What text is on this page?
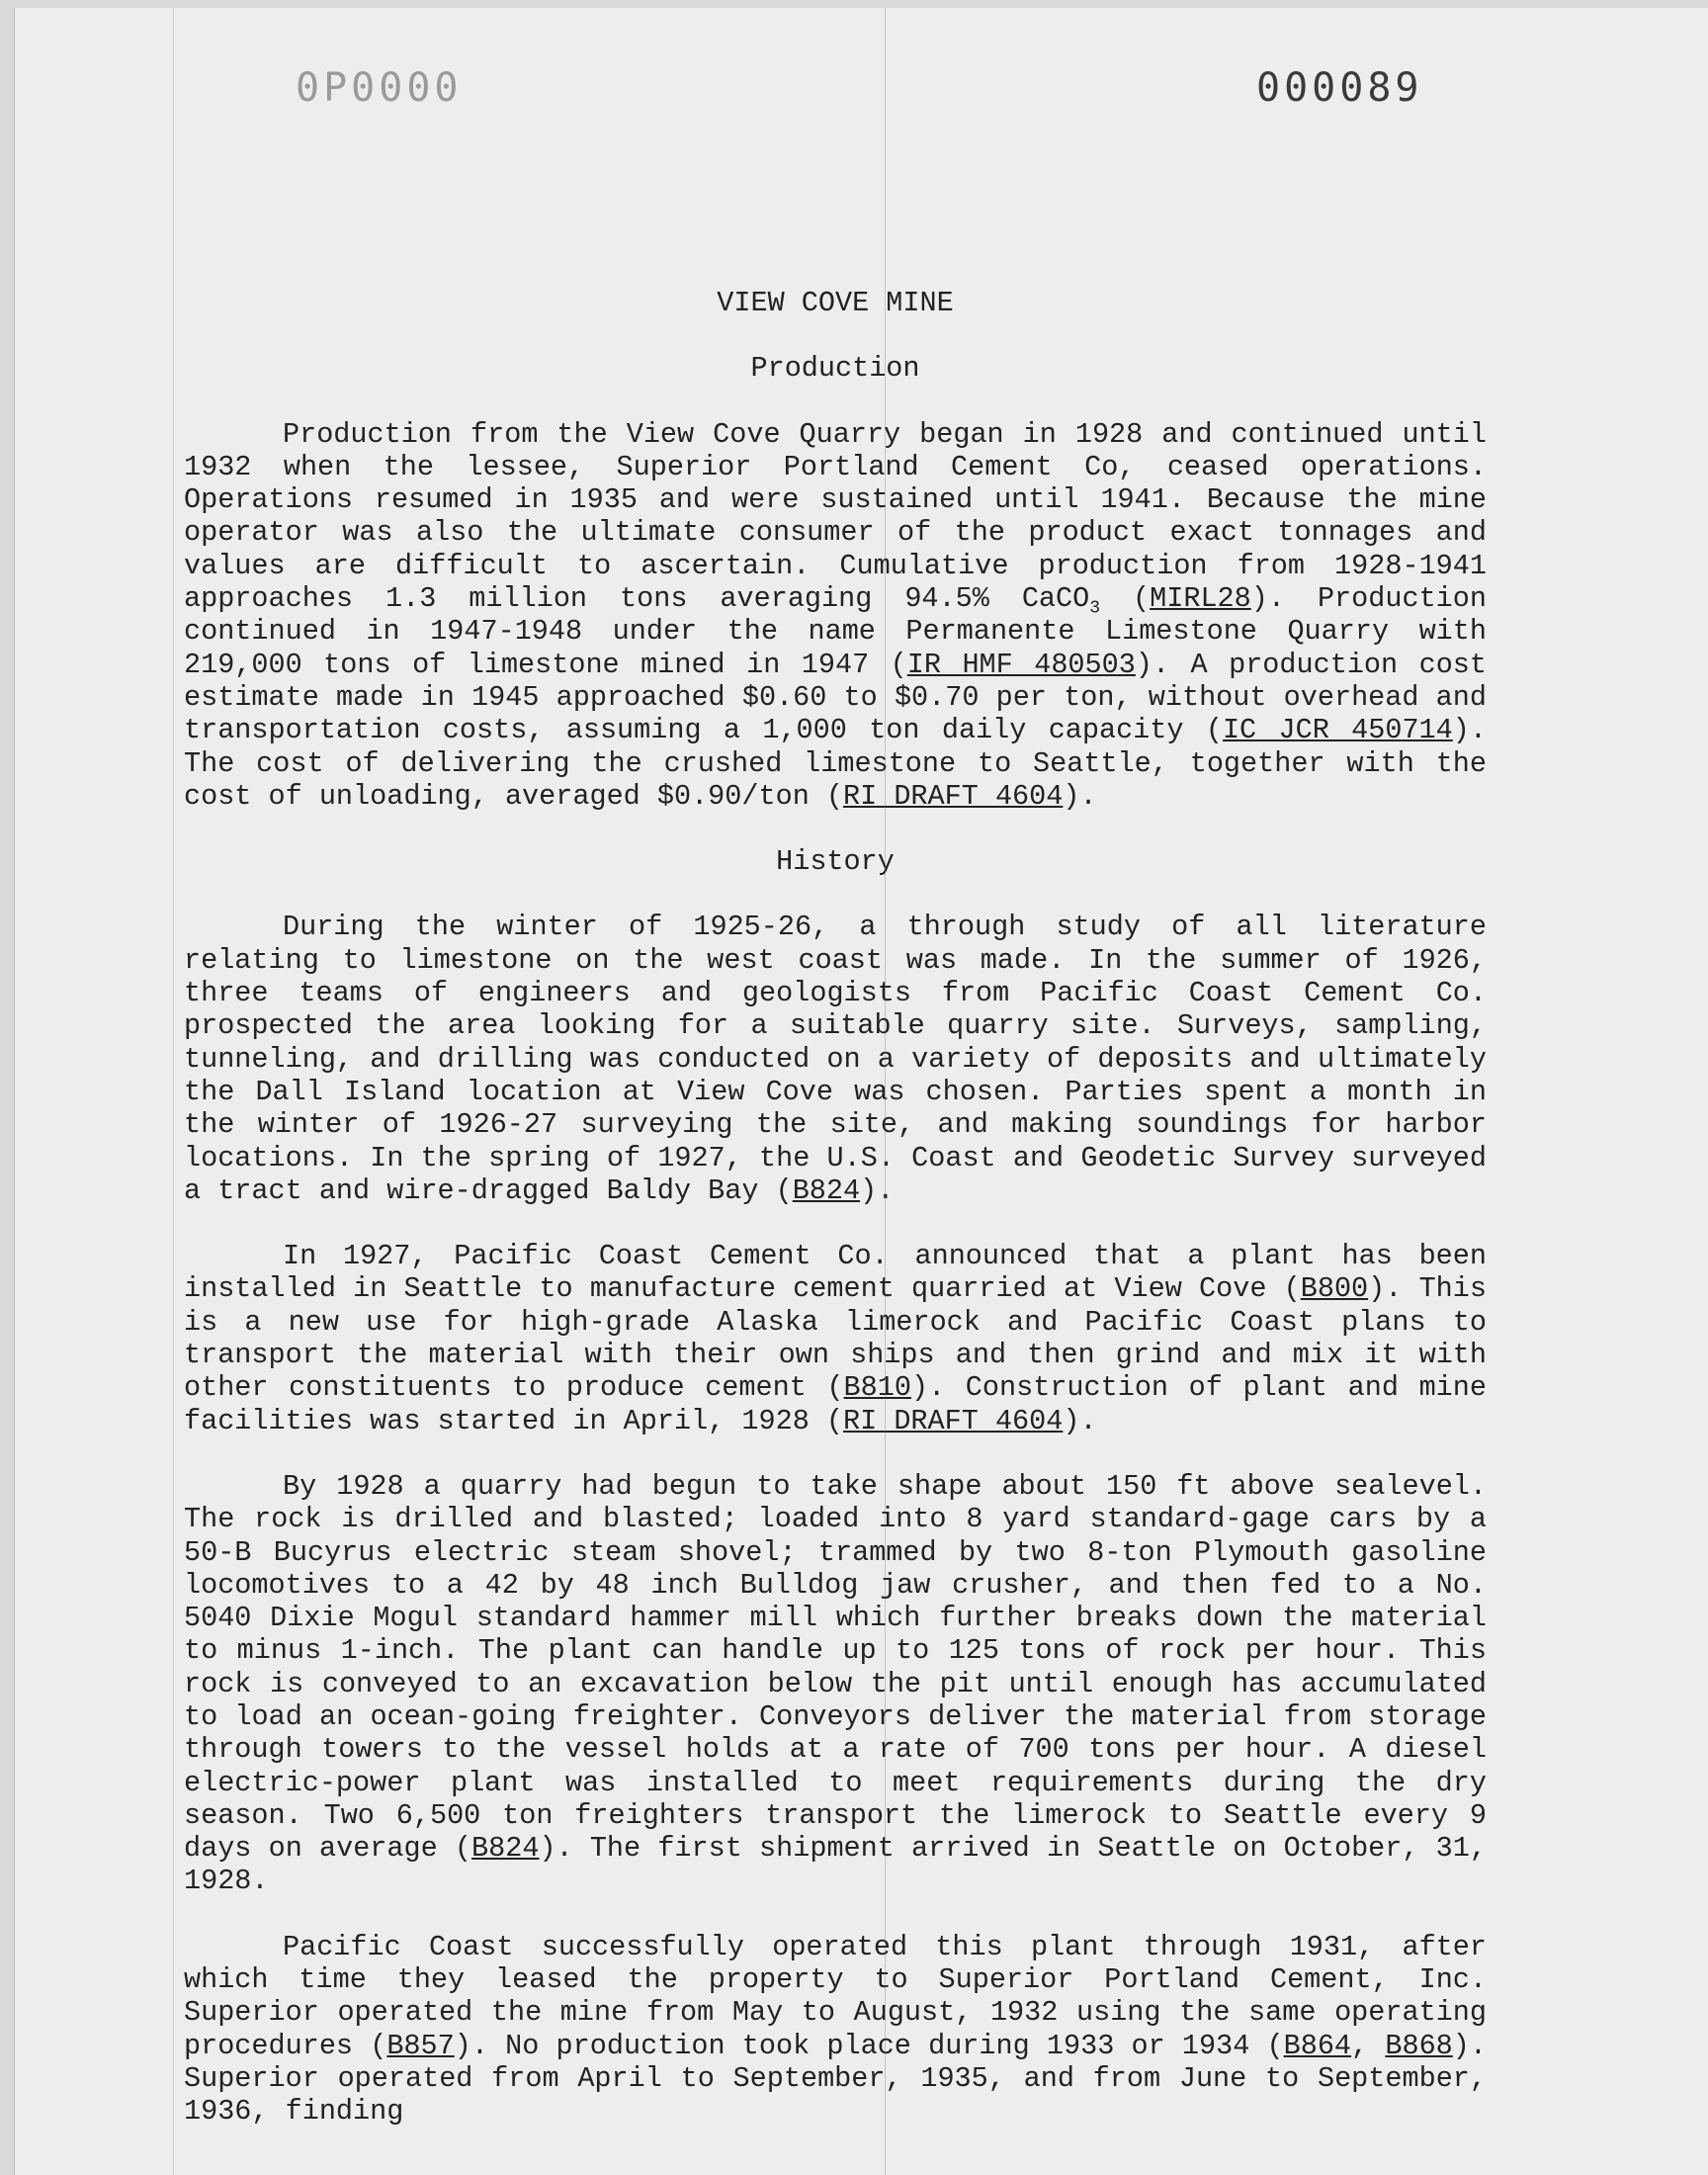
0P0000	000089

VIEW COVE MINE

Production

Production from the View Cove Quarry began in 1928 and continued until 1932 when the lessee, Superior Portland Cement Co, ceased operations. Operations resumed in 1935 and were sustained until 1941. Because the mine operator was also the ultimate consumer of the product exact tonnages and values are difficult to ascertain. Cumulative production from 1928-1941 approaches 1.3 million tons averaging 94.5% CaCO$_3$ (MIRL28). Production continued in 1947-1948 under the name Permanente Limestone Quarry with 219,000 tons of limestone mined in 1947 (IR HMF 480503). A production cost estimate made in 1945 approached $0.60 to $0.70 per ton, without overhead and transportation costs, assuming a 1,000 ton daily capacity (IC JCR 450714). The cost of delivering the crushed limestone to Seattle, together with the cost of unloading, averaged $0.90/ton (RI DRAFT 4604).

History

During the winter of 1925-26, a through study of all literature relating to limestone on the west coast was made. In the summer of 1926, three teams of engineers and geologists from Pacific Coast Cement Co. prospected the area looking for a suitable quarry site. Surveys, sampling, tunneling, and drilling was conducted on a variety of deposits and ultimately the Dall Island location at View Cove was chosen. Parties spent a month in the winter of 1926-27 surveying the site, and making soundings for harbor locations. In the spring of 1927, the U.S. Coast and Geodetic Survey surveyed a tract and wire-dragged Baldy Bay (B824).

In 1927, Pacific Coast Cement Co. announced that a plant has been installed in Seattle to manufacture cement quarried at View Cove (B800). This is a new use for high-grade Alaska limerock and Pacific Coast plans to transport the material with their own ships and then grind and mix it with other constituents to produce cement (B810). Construction of plant and mine facilities was started in April, 1928 (RI DRAFT 4604).

By 1928 a quarry had begun to take shape about 150 ft above sealevel. The rock is drilled and blasted; loaded into 8 yard standard-gage cars by a 50-B Bucyrus electric steam shovel; trammed by two 8-ton Plymouth gasoline locomotives to a 42 by 48 inch Bulldog jaw crusher, and then fed to a No. 5040 Dixie Mogul standard hammer mill which further breaks down the material to minus 1-inch. The plant can handle up to 125 tons of rock per hour. This rock is conveyed to an excavation below the pit until enough has accumulated to load an ocean-going freighter. Conveyors deliver the material from storage through towers to the vessel holds at a rate of 700 tons per hour. A diesel electric-power plant was installed to meet requirements during the dry season. Two 6,500 ton freighters transport the limerock to Seattle every 9 days on average (B824). The first shipment arrived in Seattle on October, 31, 1928.

Pacific Coast successfully operated this plant through 1931, after which time they leased the property to Superior Portland Cement, Inc. Superior operated the mine from May to August, 1932 using the same operating procedures (B857). No production took place during 1933 or 1934 (B864, B868). Superior operated from April to September, 1935, and from June to September, 1936, finding
